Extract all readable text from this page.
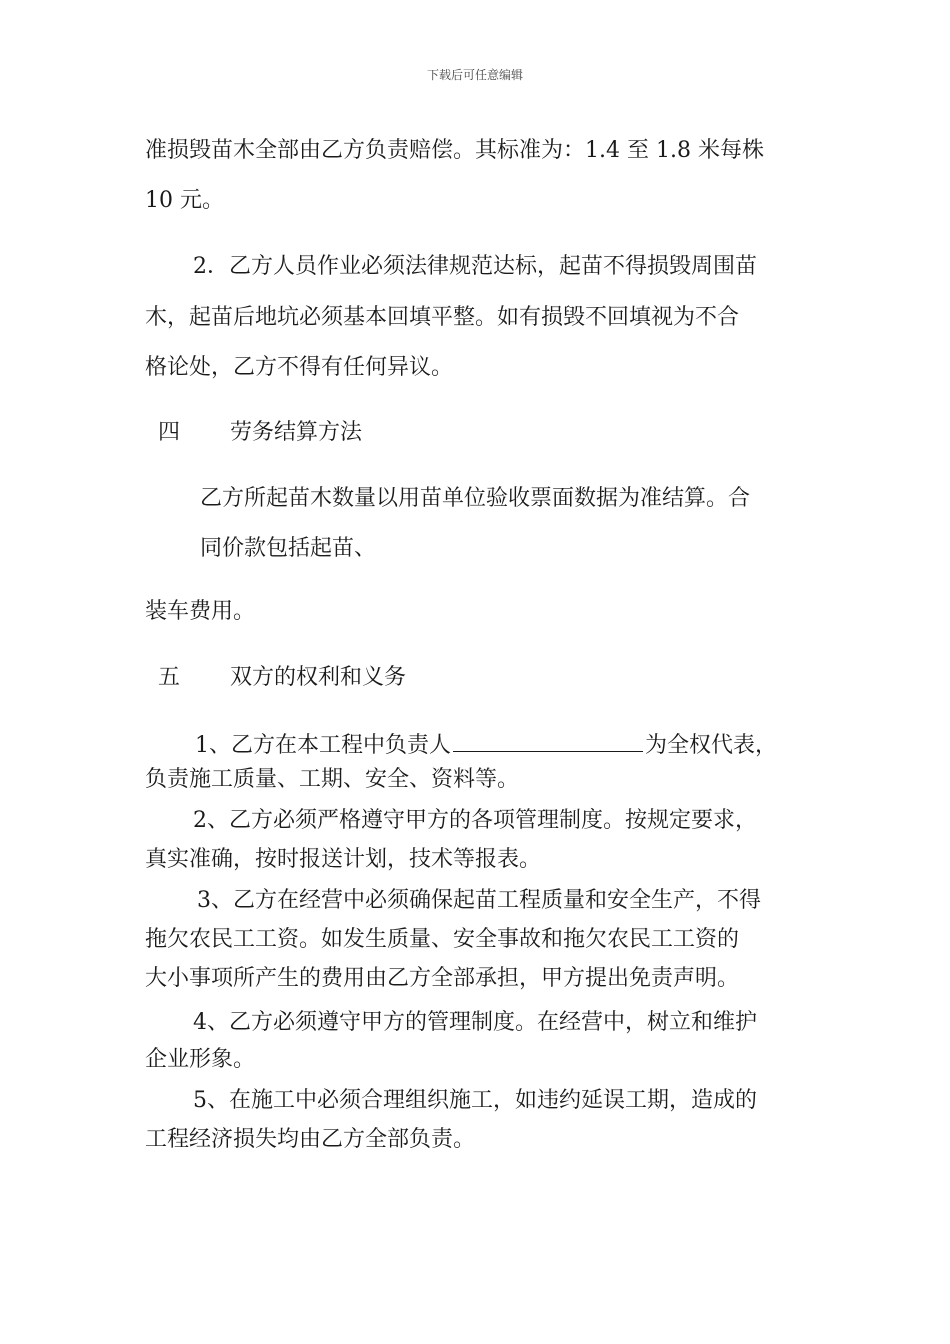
下载后可任意编辑
准损毁苗木全部由乙方负责赔偿。其标准为：1.4 至 1.8 米每株
10 元。
2．乙方人员作业必须法律规范达标，起苗不得损毁周围苗
木，起苗后地坑必须基本回填平整。如有损毁不回填视为不合
格论处，乙方不得有任何异议。
四 劳务结算方法
乙方所起苗木数量以用苗单位验收票面数据为准结算。合
同价款包括起苗、
装车费用。
五 双方的权利和义务
1、乙方在本工程中负责人	为全权代表，
负责施工质量、工期、安全、资料等。
2、乙方必须严格遵守甲方的各项管理制度。按规定要求，
真实准确，按时报送计划，技术等报表。
3、乙方在经营中必须确保起苗工程质量和安全生产，不得
拖欠农民工工资。如发生质量、安全事故和拖欠农民工工资的
大小事项所产生的费用由乙方全部承担，甲方提出免责声明。
4、乙方必须遵守甲方的管理制度。在经营中，树立和维护
企业形象。
5、在施工中必须合理组织施工，如违约延误工期，造成的
工程经济损失均由乙方全部负责。
